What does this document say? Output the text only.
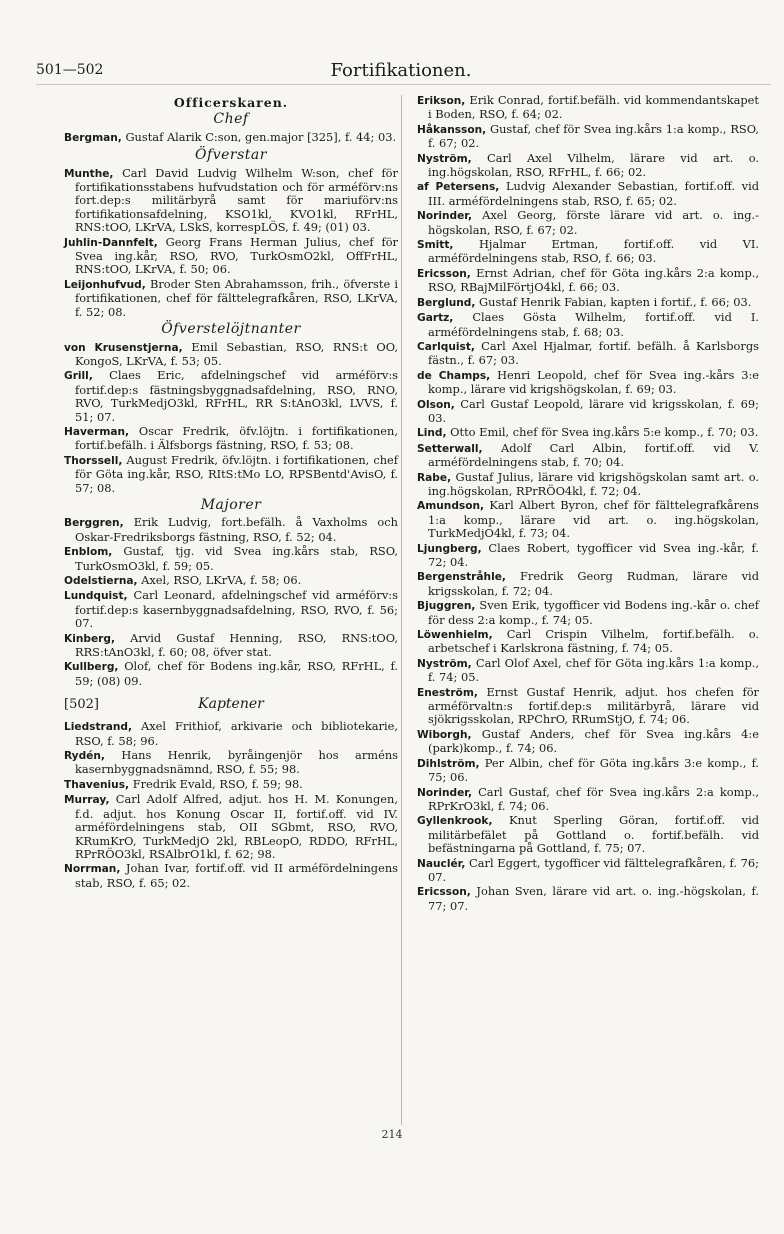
501—502	Fortifikationen.
Officerskaren.
Chef
Bergman, Gustaf Alarik C:son, gen.major [325], f. 44; 03.
Öfverstar
Munthe, Carl David Ludvig Wilhelm W:son, chef för fortifikationsstabens hufvudstation och för arméförv:ns fort.dep:s militärbyrå samt för mariuförv:ns fortifikationsafdelning, KSO1kl, KVO1kl, RFrHL, RNS:tOO, LKrVA, LSkS, korrespLÖS, f. 49; (01) 03.
Juhlin-Dannfelt, Georg Frans Herman Julius, chef för Svea ing.kår, RSO, RVO, TurkOsmO2kl, OffFrHL, RNS:tOO, LKrVA, f. 50; 06.
Leijonhufvud, Broder Sten Abrahamsson, frih., öfverste i fortifikationen, chef för fälttelegrafkåren, RSO, LKrVA, f. 52; 08.
Öfverstelöjtnanter
von Krusenstjerna, Emil Sebastian, RSO, RNS:t OO, KongoS, LKrVA, f. 53; 05.
Grill, Claes Eric, afdelningschef vid arméförv:s fortif.dep:s fästningsbyggnadsafdelning, RSO, RNO, RVO, TurkMedjO3kl, RFrHL, RR S:tAnO3kl, LVVS, f. 51; 07.
Haverman, Oscar Fredrik, öfv.löjtn. i fortifikationen, fortif.befälh. i Älfsborgs fästning, RSO, f. 53; 08.
Thorssell, August Fredrik, öfv.löjtn. i fortifikationen, chef för Göta ing.kår, RSO, RItS:tMo LO, RPSBentd'AvisO, f. 57; 08.
Majorer
Berggren, Erik Ludvig, fort.befälh. å Vaxholms och Oskar-Fredriksborgs fästning, RSO, f. 52; 04.
Enblom, Gustaf, tjg. vid Svea ing.kårs stab, RSO, TurkOsmO3kl, f. 59; 05.
Odelstierna, Axel, RSO, LKrVA, f. 58; 06.
Lundquist, Carl Leonard, afdelningschef vid arméförv:s fortif.dep:s kasernbyggnadsafdelning, RSO, RVO, f. 56; 07.
Kinberg, Arvid Gustaf Henning, RSO, RNS:tOO, RRS:tAnO3kl, f. 60; 08, öfver stat.
Kullberg, Olof, chef för Bodens ing.kår, RSO, RFrHL, f. 59; (08) 09.
[502]	Kaptener
Liedstrand, Axel Frithiof, arkivarie och bibliotekarie, RSO, f. 58; 96.
Rydén, Hans Henrik, byråingenjör hos arméns kasernbyggnadsnämnd, RSO, f. 55; 98.
Thavenius, Fredrik Evald, RSO, f. 59; 98.
Murray, Carl Adolf Alfred, adjut. hos H. M. Konungen, f.d. adjut. hos Konung Oscar II, fortif.off. vid IV. arméfördelningens stab, OII SGbmt, RSO, RVO, KRumKrO, TurkMedjO 2kl, RBLeopO, RDDO, RFrHL, RPrRÖO3kl, RSAlbrO1kl, f. 62; 98.
Norrman, Johan Ivar, fortif.off. vid II arméfördelningens stab, RSO, f. 65; 02.
Erikson, Erik Conrad, fortif.befälh. vid kommendantskapet i Boden, RSO, f. 64; 02.
Håkansson, Gustaf, chef för Svea ing.kårs 1:a komp., RSO, f. 67; 02.
Nyström, Carl Axel Vilhelm, lärare vid art. o. ing.högskolan, RSO, RFrHL, f. 66; 02.
af Petersens, Ludvig Alexander Sebastian, fortif.off. vid III. arméfördelningens stab, RSO, f. 65; 02.
Norinder, Axel Georg, förste lärare vid art. o. ing.-högskolan, RSO, f. 67; 02.
Smitt, Hjalmar Ertman, fortif.off. vid VI. arméfördelningens stab, RSO, f. 66; 03.
Ericsson, Ernst Adrian, chef för Göta ing.kårs 2:a komp., RSO, RBajMilFörtjO4kl, f. 66; 03.
Berglund, Gustaf Henrik Fabian, kapten i fortif., f. 66; 03.
Gartz, Claes Gösta Wilhelm, fortif.off. vid I. arméfördelningens stab, f. 68; 03.
Carlquist, Carl Axel Hjalmar, fortif. befälh. å Karlsborgs fästn., f. 67; 03.
de Champs, Henri Leopold, chef för Svea ing.-kårs 3:e komp., lärare vid krigshögskolan, f. 69; 03.
Olson, Carl Gustaf Leopold, lärare vid krigsskolan, f. 69; 03.
Lind, Otto Emil, chef för Svea ing.kårs 5:e komp., f. 70; 03.
Setterwall, Adolf Carl Albin, fortif.off. vid V. arméfördelningens stab, f. 70; 04.
Rabe, Gustaf Julius, lärare vid krigshögskolan samt art. o. ing.högskolan, RPrRÖO4kl, f. 72; 04.
Amundson, Karl Albert Byron, chef för fälttelegrafkårens 1:a komp., lärare vid art. o. ing.högskolan, TurkMedjO4kl, f. 73; 04.
Ljungberg, Claes Robert, tygofficer vid Svea ing.-kår, f. 72; 04.
Bergenstråhle, Fredrik Georg Rudman, lärare vid krigsskolan, f. 72; 04.
Bjuggren, Sven Erik, tygofficer vid Bodens ing.-kår o. chef för dess 2:a komp., f. 74; 05.
Löwenhielm, Carl Crispin Vilhelm, fortif.befälh. o. arbetschef i Karlskrona fästning, f. 74; 05.
Nyström, Carl Olof Axel, chef för Göta ing.kårs 1:a komp., f. 74; 05.
Eneström, Ernst Gustaf Henrik, adjut. hos chefen för arméförvaltn:s fortif.dep:s militärbyrå, lärare vid sjökrigsskolan, RPChrO, RRumStjO, f. 74; 06.
Wiborgh, Gustaf Anders, chef för Svea ing.kårs 4:e (park)komp., f. 74; 06.
Dihlström, Per Albin, chef för Göta ing.kårs 3:e komp., f. 75; 06.
Norinder, Carl Gustaf, chef för Svea ing.kårs 2:a komp., RPrKrO3kl, f. 74; 06.
Gyllenkrook, Knut Sperling Göran, fortif.off. vid militärbefälet på Gottland o. fortif.befälh. vid befästningarna på Gottland, f. 75; 07.
Nauclér, Carl Eggert, tygofficer vid fälttelegrafkåren, f. 76; 07.
Ericsson, Johan Sven, lärare vid art. o. ing.-högskolan, f. 77; 07.
214
